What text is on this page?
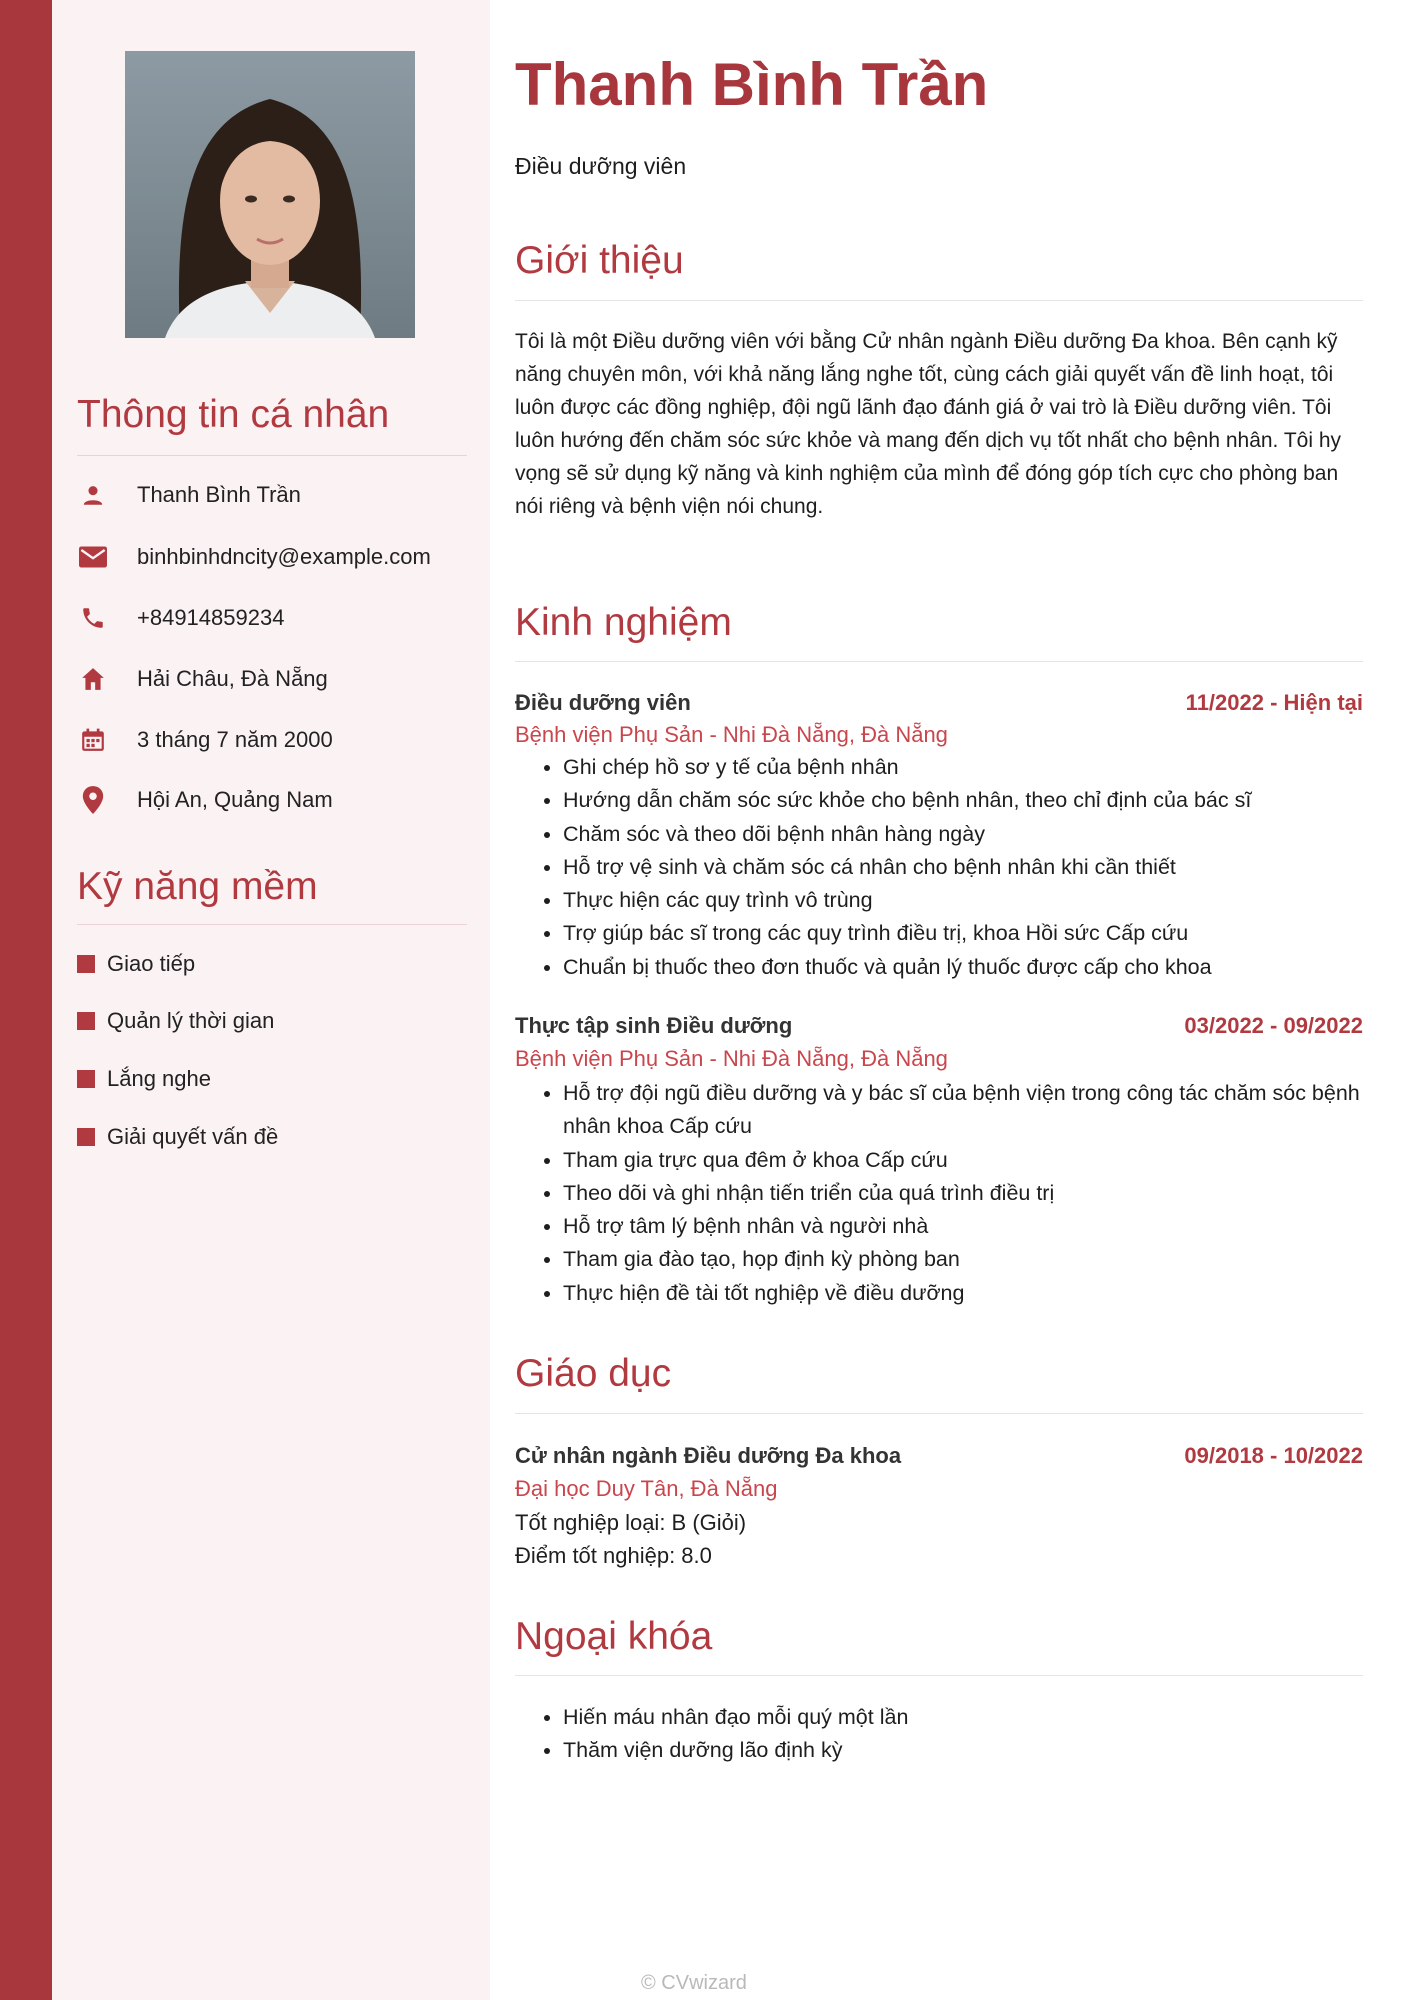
Thông tin cá nhân
Thanh Bình Trần
binhbinhdncity@example.com
+84914859234
Hải Châu, Đà Nẵng
3 tháng 7 năm 2000
Hội An, Quảng Nam
Kỹ năng mềm
Giao tiếp
Quản lý thời gian
Lắng nghe
Giải quyết vấn đề
Thanh Bình Trần
Điều dưỡng viên
Giới thiệu

Tôi là một Điều dưỡng viên với bằng Cử nhân ngành Điều dưỡng Đa khoa. Bên cạnh kỹ năng chuyên môn, với khả năng lắng nghe tốt, cùng cách giải quyết vấn đề linh hoạt, tôi luôn được các đồng nghiệp, đội ngũ lãnh đạo đánh giá ở vai trò là Điều dưỡng viên. Tôi luôn hướng đến chăm sóc sức khỏe và mang đến dịch vụ tốt nhất cho bệnh nhân. Tôi hy vọng sẽ sử dụng kỹ năng và kinh nghiệm của mình để đóng góp tích cực cho phòng ban nói riêng và bệnh viện nói chung.

Kinh nghiệm
Điều dưỡng viên	11/2022 - Hiện tại
Bệnh viện Phụ Sản - Nhi Đà Nẵng, Đà Nẵng
• Ghi chép hồ sơ y tế của bệnh nhân
• Hướng dẫn chăm sóc sức khỏe cho bệnh nhân, theo chỉ định của bác sĩ
• Chăm sóc và theo dõi bệnh nhân hàng ngày
• Hỗ trợ vệ sinh và chăm sóc cá nhân cho bệnh nhân khi cần thiết
• Thực hiện các quy trình vô trùng
• Trợ giúp bác sĩ trong các quy trình điều trị, khoa Hồi sức Cấp cứu
• Chuẩn bị thuốc theo đơn thuốc và quản lý thuốc được cấp cho khoa
Thực tập sinh Điều dưỡng	03/2022 - 09/2022
Bệnh viện Phụ Sản - Nhi Đà Nẵng, Đà Nẵng
• Hỗ trợ đội ngũ điều dưỡng và y bác sĩ của bệnh viện trong công tác chăm sóc bệnh nhân khoa Cấp cứu
• Tham gia trực qua đêm ở khoa Cấp cứu
• Theo dõi và ghi nhận tiến triển của quá trình điều trị
• Hỗ trợ tâm lý bệnh nhân và người nhà
• Tham gia đào tạo, họp định kỳ phòng ban
• Thực hiện đề tài tốt nghiệp về điều dưỡng
Giáo dục
Cử nhân ngành Điều dưỡng Đa khoa	09/2018 - 10/2022
Đại học Duy Tân, Đà Nẵng
Tốt nghiệp loại: B (Giỏi)
Điểm tốt nghiệp: 8.0
Ngoại khóa
• Hiến máu nhân đạo mỗi quý một lần
• Thăm viện dưỡng lão định kỳ
© CVwizard
